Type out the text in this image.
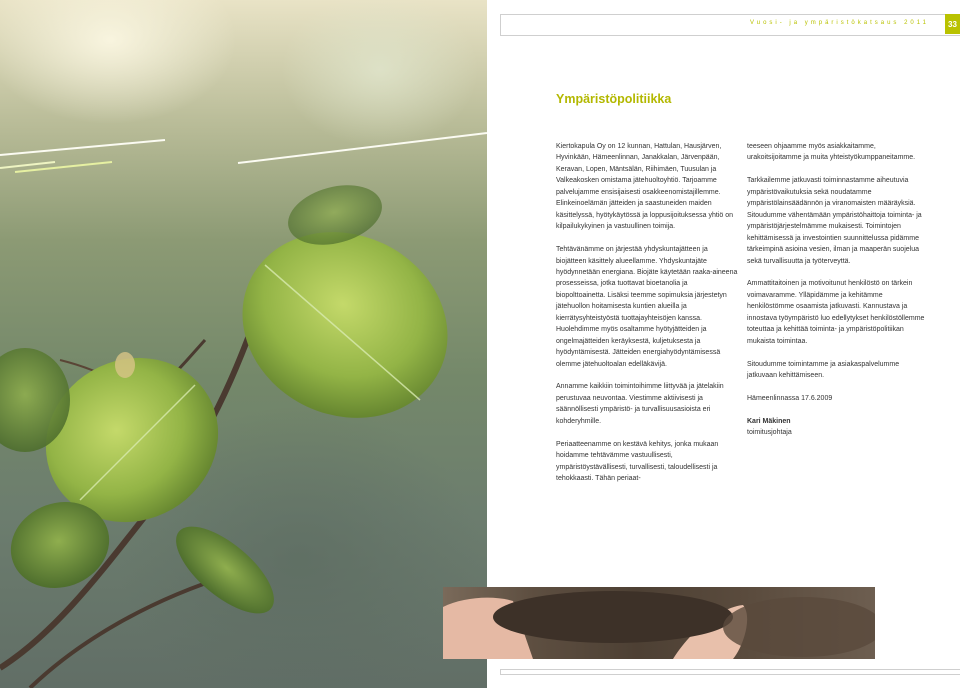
Vuosi- ja ympäristökatsaus 2011	33
Ympäristöpolitiikka

Kiertokapula Oy on 12 kunnan, Hattulan, Hausjärven, Hyvinkään, Hämeenlinnan, Janakkalan, Järvenpään, Keravan, Lopen, Mäntsälän, Riihimäen, Tuusulan ja Valkeakosken omistama jätehuoltoyhtiö. Tarjoamme palvelujamme ensisijaisesti osakkeenomistajillemme. Elinkeinoelämän jätteiden ja saastuneiden maiden käsittelyssä, hyötykäytössä ja loppusijoituksessa yhtiö on kilpailukykyinen ja vastuullinen toimija.

Tehtävänämme on järjestää yhdyskuntajätteen ja biojätteen käsittely alueellamme. Yhdyskuntajäte hyödynnetään energiana. Biojäte käytetään raaka-aineena prosesseissa, jotka tuottavat bioetanolia ja biopolttoainetta. Lisäksi teemme sopimuksia järjestetyn jätehuollon hoitamisesta kuntien alueilla ja kierrätysyhteistyöstä tuottajayhteisöjen kanssa. Huolehdimme myös osaltamme hyötyjätteiden ja ongelmajätteiden keräyksestä, kuljetuksesta ja hyödyntämisestä. Jätteiden energiahyödyntämisessä olemme jätehuoltoalan edelläkävijä.

Annamme kaikkiin toimintoihimme liittyvää ja jätelakiin perustuvaa neuvontaa. Viestimme aktiivisesti ja säännöllisesti ympäristö- ja turvallisuusasioista eri kohderyhmille.

Periaatteenamme on kestävä kehitys, jonka mukaan hoidamme tehtävämme vastuullisesti, ympäristöystävällisesti, turvallisesti, taloudellisesti ja tehokkaasti. Tähän periaat-

teeseen ohjaamme myös asiakkaitamme, urakoitsijoitamme ja muita yhteistyökumppaneitamme.

Tarkkailemme jatkuvasti toiminnastamme aiheutuvia ympäristövaikutuksia sekä noudatamme ympäristölainsäädännön ja viranomaisten määräyksiä. Sitoudumme vähentämään ympäristöhaittoja toiminta- ja ympäristöjärjestelmämme mukaisesti. Toimintojen kehittämisessä ja investointien suunnittelussa pidämme tärkeimpinä asioina vesien, ilman ja maaperän suojelua sekä turvallisuutta ja työterveyttä.

Ammattitaitoinen ja motivoitunut henkilöstö on tärkein voimavaramme. Ylläpidämme ja kehitämme henkilöstömme osaamista jatkuvasti. Kannustava ja innostava työympäristö luo edellytykset henkilöstöllemme toteuttaa ja kehittää toiminta- ja ympäristöpolitiikan mukaista toimintaa.

Sitoudumme toimintamme ja asiakaspalvelumme jatkuvaan kehittämiseen.

Hämeenlinnassa 17.6.2009

Kari Mäkinen
toimitusjohtaja
